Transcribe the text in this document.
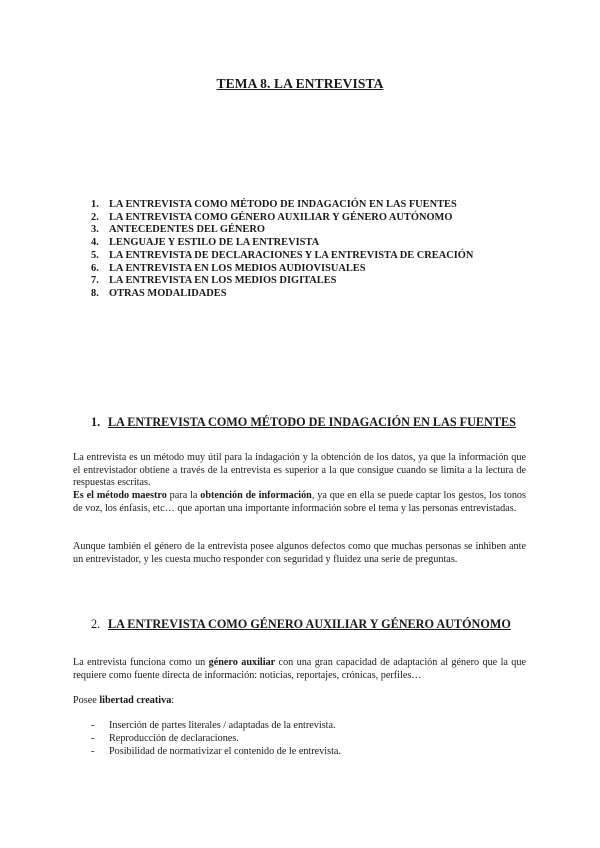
TEMA 8. LA ENTREVISTA
1. LA ENTREVISTA COMO MÉTODO DE INDAGACIÓN EN LAS FUENTES
2. LA ENTREVISTA COMO GÉNERO AUXILIAR Y GÉNERO AUTÓNOMO
3. ANTECEDENTES DEL GÉNERO
4. LENGUAJE Y ESTILO DE LA ENTREVISTA
5. LA ENTREVISTA DE DECLARACIONES Y LA ENTREVISTA DE CREACIÓN
6. LA ENTREVISTA EN LOS MEDIOS AUDIOVISUALES
7. LA ENTREVISTA EN LOS MEDIOS DIGITALES
8. OTRAS MODALIDADES
1. LA ENTREVISTA COMO MÉTODO DE INDAGACIÓN EN LAS FUENTES

La entrevista es un método muy útil para la indagación y la obtención de los datos, ya que la información que el entrevistador obtiene a través de la entrevista es superior a la que consigue cuando se limita a la lectura de respuestas escritas.

Es el método maestro para la obtención de información, ya que en ella se puede captar los gestos, los tonos de voz, los énfasis, etc… que aportan una importante información sobre el tema y las personas entrevistadas.

Aunque también el género de la entrevista posee algunos defectos como que muchas personas se inhiben ante un entrevistador, y les cuesta mucho responder con seguridad y fluidez una serie de preguntas.

2. LA ENTREVISTA COMO GÉNERO AUXILIAR Y GÉNERO AUTÓNOMO

La entrevista funciona como un género auxiliar con una gran capacidad de adaptación al género que la que requiere como fuente directa de información: noticias, reportajes, crónicas, perfiles…

Posee libertad creativa:

-	Inserción de partes literales / adaptadas de la entrevista.
-	Reproducción de declaraciones.
-	Posibilidad de normativizar el contenido de le entrevista.
